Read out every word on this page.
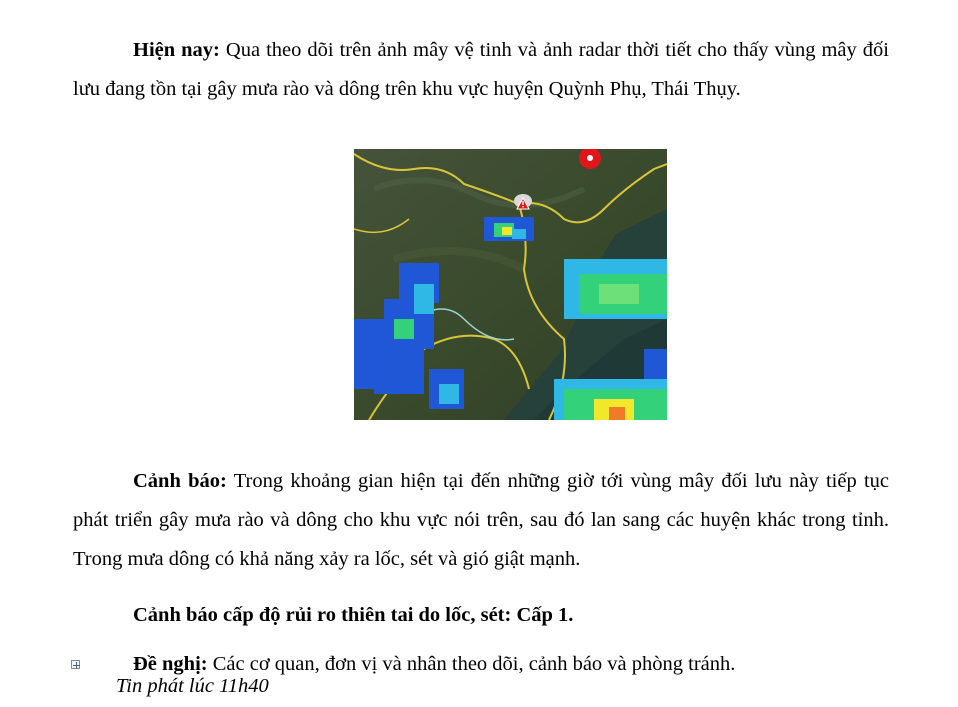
Hiện nay: Qua theo dõi trên ảnh mây vệ tinh và ảnh radar thời tiết cho thấy vùng mây đối lưu đang tồn tại gây mưa rào và dông trên khu vực huyện Quỳnh Phụ, Thái Thụy.

Cảnh báo: Trong khoảng gian hiện tại đến những giờ tới vùng mây đối lưu này tiếp tục phát triển gây mưa rào và dông cho khu vực nói trên, sau đó lan sang các huyện khác trong tỉnh. Trong mưa dông có khả năng xảy ra lốc, sét và gió giật mạnh.

Cảnh báo cấp độ rủi ro thiên tai do lốc, sét: Cấp 1.

Đề nghị: Các cơ quan, đơn vị và nhân theo dõi, cảnh báo và phòng tránh.

Tin phát lúc 11h40
